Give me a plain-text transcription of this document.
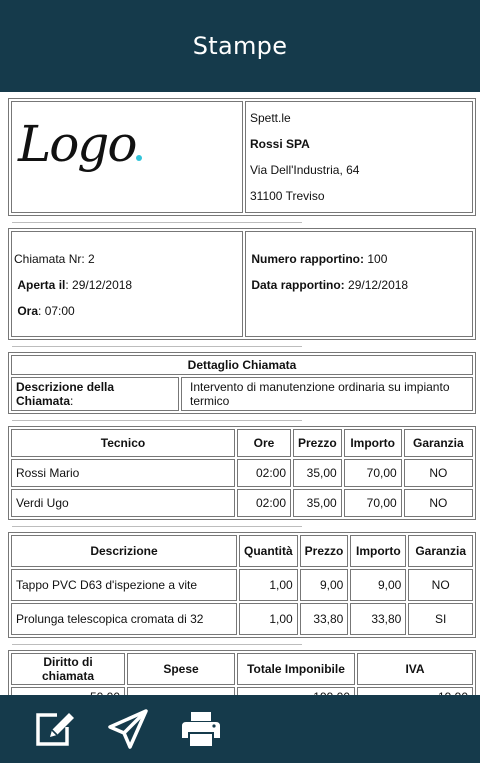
Stampe
Logo	Spett.le

Rossi SPA

Via Dell'Industria, 64

31100 Treviso

Chiamata Nr: 2

Aperta il: 29/12/2018

Ora: 07:00

Numero rapportino: 100

Data rapportino: 29/12/2018

Dettaglio Chiamata
Descrizione della Chiamata:	Intervento di manutenzione ordinaria su impianto termico
Tecnico	Ore	Prezzo	Importo	Garanzia
Rossi Mario	02:00	35,00	70,00	NO
Verdi Ugo	02:00	35,00	70,00	NO
Descrizione	Quantità	Prezzo	Importo	Garanzia
Tappo PVC D63 d'ispezione a vite	1,00	9,00	9,00	NO
Prolunga telescopica cromata di 32	1,00	33,80	33,80	SI
Diritto di chiamata	Spese	Totale Imponibile	IVA
